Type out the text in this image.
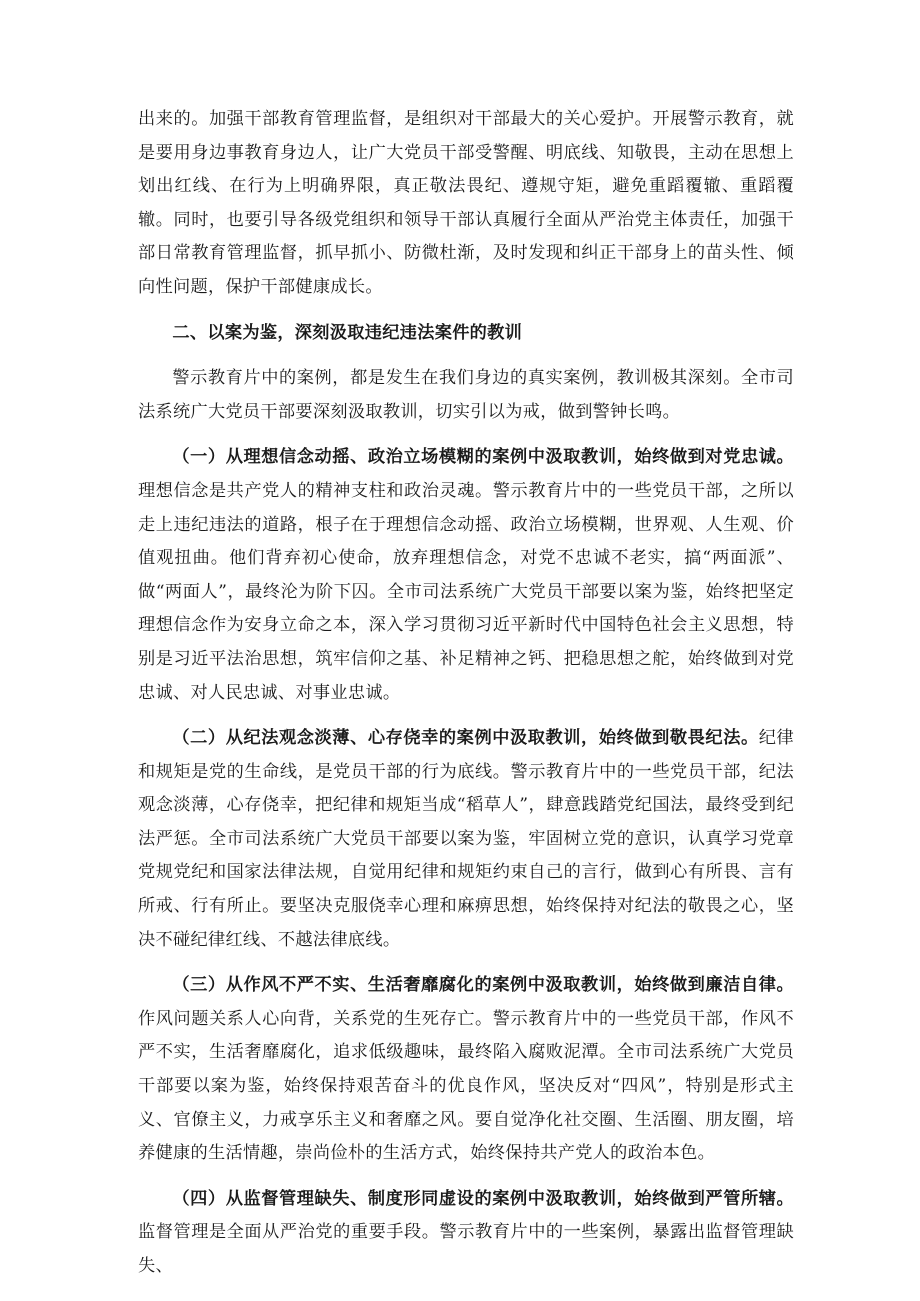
出来的。加强干部教育管理监督，是组织对干部最大的关心爱护。开展警示教育，就是要用身边事教育身边人，让广大党员干部受警醒、明底线、知敬畏，主动在思想上划出红线、在行为上明确界限，真正敬法畏纪、遵规守矩，避免重蹈覆辙、重蹈覆辙。同时，也要引导各级党组织和领导干部认真履行全面从严治党主体责任，加强干部日常教育管理监督，抓早抓小、防微杜渐，及时发现和纠正干部身上的苗头性、倾向性问题，保护干部健康成长。

二、以案为鉴，深刻汲取违纪违法案件的教训

警示教育片中的案例，都是发生在我们身边的真实案例，教训极其深刻。全市司法系统广大党员干部要深刻汲取教训，切实引以为戒，做到警钟长鸣。

（一）从理想信念动摇、政治立场模糊的案例中汲取教训，始终做到对党忠诚。理想信念是共产党人的精神支柱和政治灵魂。警示教育片中的一些党员干部，之所以走上违纪违法的道路，根子在于理想信念动摇、政治立场模糊，世界观、人生观、价值观扭曲。他们背弃初心使命，放弃理想信念，对党不忠诚不老实，搞“两面派”、做“两面人”，最终沦为阶下囚。全市司法系统广大党员干部要以案为鉴，始终把坚定理想信念作为安身立命之本，深入学习贯彻习近平新时代中国特色社会主义思想，特别是习近平法治思想，筑牢信仰之基、补足精神之钙、把稳思想之舵，始终做到对党忠诚、对人民忠诚、对事业忠诚。

（二）从纪法观念淡薄、心存侥幸的案例中汲取教训，始终做到敬畏纪法。纪律和规矩是党的生命线，是党员干部的行为底线。警示教育片中的一些党员干部，纪法观念淡薄，心存侥幸，把纪律和规矩当成“稻草人”，肆意践踏党纪国法，最终受到纪法严惩。全市司法系统广大党员干部要以案为鉴，牢固树立党的意识，认真学习党章党规党纪和国家法律法规，自觉用纪律和规矩约束自己的言行，做到心有所畏、言有所戒、行有所止。要坚决克服侥幸心理和麻痹思想，始终保持对纪法的敬畏之心，坚决不碰纪律红线、不越法律底线。

（三）从作风不严不实、生活奢靡腐化的案例中汲取教训，始终做到廉洁自律。作风问题关系人心向背，关系党的生死存亡。警示教育片中的一些党员干部，作风不严不实，生活奢靡腐化，追求低级趣味，最终陷入腐败泥潭。全市司法系统广大党员干部要以案为鉴，始终保持艰苦奋斗的优良作风，坚决反对“四风”，特别是形式主义、官僚主义，力戒享乐主义和奢靡之风。要自觉净化社交圈、生活圈、朋友圈，培养健康的生活情趣，崇尚俭朴的生活方式，始终保持共产党人的政治本色。

（四）从监督管理缺失、制度形同虚设的案例中汲取教训，始终做到严管所辖。监督管理是全面从严治党的重要手段。警示教育片中的一些案例，暴露出监督管理缺失、
